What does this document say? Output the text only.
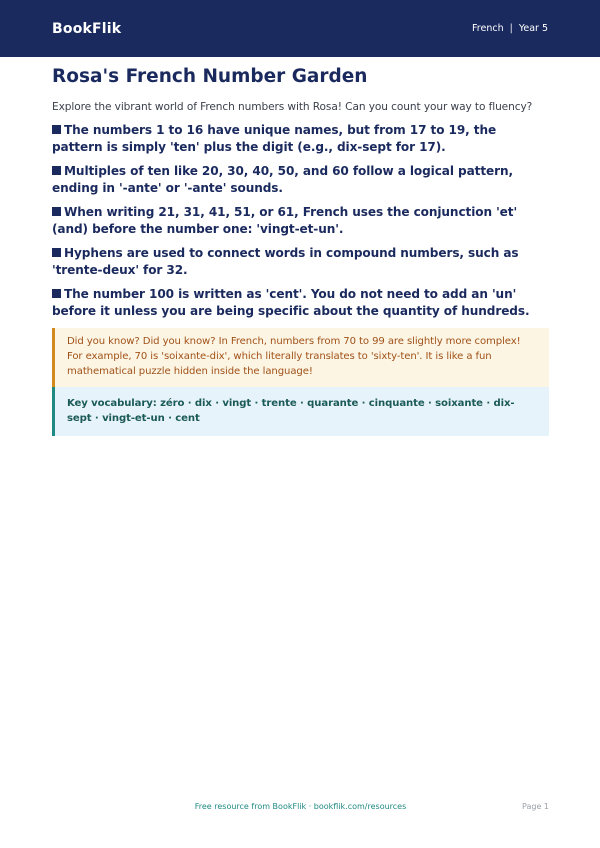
BookFlik	French | Year 5
Rosa's French Number Garden

Explore the vibrant world of French numbers with Rosa! Can you count your way to fluency?

The numbers 1 to 16 have unique names, but from 17 to 19, the pattern is simply 'ten' plus the digit (e.g., dix-sept for 17).
Multiples of ten like 20, 30, 40, 50, and 60 follow a logical pattern, ending in '-ante' or '-ante' sounds.
When writing 21, 31, 41, 51, or 61, French uses the conjunction 'et' (and) before the number one: 'vingt-et-un'.
Hyphens are used to connect words in compound numbers, such as 'trente-deux' for 32.
The number 100 is written as 'cent'. You do not need to add an 'un' before it unless you are being specific about the quantity of hundreds.

Did you know? Did you know? In French, numbers from 70 to 99 are slightly more complex! For example, 70 is 'soixante-dix', which literally translates to 'sixty-ten'. It is like a fun mathematical puzzle hidden inside the language!

Key vocabulary: zéro · dix · vingt · trente · quarante · cinquante · soixante · dix-sept · vingt-et-un · cent

Free resource from BookFlik · bookflik.com/resources	Page 1
